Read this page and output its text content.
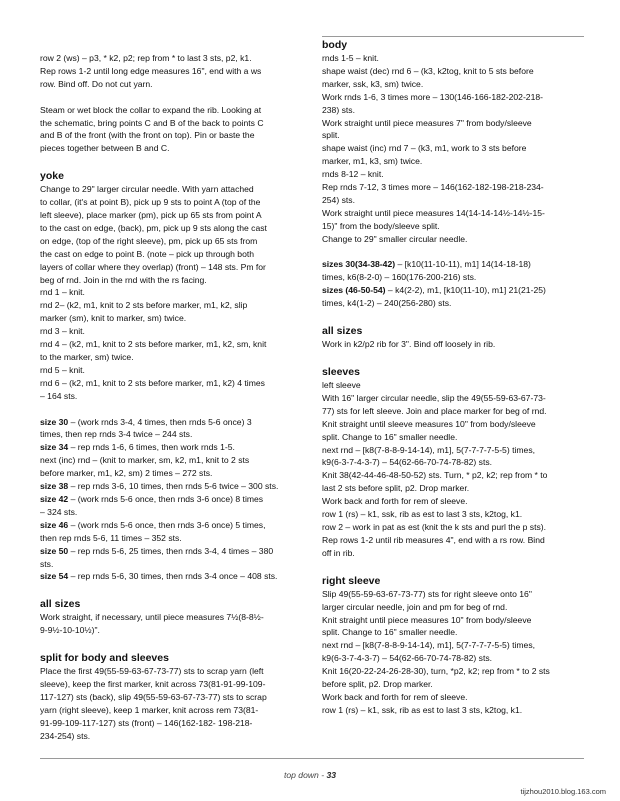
row 2 (ws) – p3, * k2, p2; rep from * to last 3 sts, p2, k1.

Rep rows 1-2 until long edge measures 16", end with a ws

row. Bind off. Do not cut yarn.

Steam or wet block the collar to expand the rib. Looking at

the schematic, bring points C and B of the back to points C

and B of the front (with the front on top). Pin or baste the

pieces together between B and C.

yoke

Change to 29" larger circular needle. With yarn attached

to collar, (it's at point B), pick up 9 sts to point A (top of the

left sleeve), place marker (pm), pick up 65 sts from point A

to the cast on edge, (back), pm, pick up 9 sts along the cast

on edge, (top of the right sleeve), pm, pick up 65 sts from

the cast on edge to point B. (note – pick up through both

layers of collar where they overlap) (front) – 148 sts. Pm for

beg of rnd. Join in the rnd with the rs facing.

rnd 1 – knit.

rnd 2– (k2, m1, knit to 2 sts before marker, m1, k2, slip

marker (sm), knit to marker, sm) twice.

rnd 3 – knit.

rnd 4 – (k2, m1, knit to 2 sts before marker, m1, k2, sm, knit

to the marker, sm) twice.

rnd 5 – knit.

rnd 6 – (k2, m1, knit to 2 sts before marker, m1, k2) 4 times

– 164 sts.

size 30 – (work rnds 3-4, 4 times, then rnds 5-6 once) 3

times, then rep rnds 3-4 twice – 244 sts.

size 34 – rep rnds 1-6, 6 times, then work rnds 1-5.

next (inc) rnd – (knit to marker, sm, k2, m1, knit to 2 sts

before marker, m1, k2, sm) 2 times – 272 sts.

size 38 – rep rnds 3-6, 10 times, then rnds 5-6 twice – 300 sts.

size 42 – (work rnds 5-6 once, then rnds 3-6 once) 8 times

– 324 sts.

size 46 – (work rnds 5-6 once, then rnds 3-6 once) 5 times,

then rep rnds 5-6, 11 times – 352 sts.

size 50 – rep rnds 5-6, 25 times, then rnds 3-4, 4 times – 380

sts.

size 54 – rep rnds 5-6, 30 times, then rnds 3-4 once – 408 sts.

all sizes

Work straight, if necessary, until piece measures 7½(8-8½-

9-9½-10-10½)".

split for body and sleeves

Place the first 49(55-59-63-67-73-77) sts to scrap yarn (left

sleeve), keep the first marker, knit across 73(81-91-99-109-

117-127) sts (back), slip 49(55-59-63-67-73-77) sts to scrap

yarn (right sleeve), keep 1 marker, knit across rem 73(81-

91-99-109-117-127) sts (front) – 146(162-182- 198-218-

234-254) sts.

body

rnds 1-5 – knit.

shape waist (dec) rnd 6 – (k3, k2tog, knit to 5 sts before

marker, ssk, k3, sm) twice.

Work rnds 1-6, 3 times more – 130(146-166-182-202-218-

238) sts.

Work straight until piece measures 7" from body/sleeve

split.

shape waist (inc) rnd 7 – (k3, m1, work to 3 sts before

marker, m1, k3, sm) twice.

rnds 8-12 – knit.

Rep rnds 7-12, 3 times more – 146(162-182-198-218-234-

254) sts.

Work straight until piece measures 14(14-14-14½-14½-15-

15)" from the body/sleeve split.

Change to 29" smaller circular needle.

sizes 30(34-38-42) – [k10(11-10-11), m1] 14(14-18-18)

times, k6(8-2-0) – 160(176-200-216) sts.

sizes (46-50-54) – k4(2-2), m1, [k10(11-10), m1] 21(21-25)

times, k4(1-2) – 240(256-280) sts.

all sizes

Work in k2/p2 rib for 3". Bind off loosely in rib.

sleeves

left sleeve

With 16" larger circular needle, slip the 49(55-59-63-67-73-

77) sts for left sleeve. Join and place marker for beg of rnd.

Knit straight until sleeve measures 10" from body/sleeve

split. Change to 16" smaller needle.

next rnd – [k8(7-8-8-9-14-14), m1], 5(7-7-7-7-5-5) times,

k9(6-3-7-4-3-7) – 54(62-66-70-74-78-82) sts.

Knit 38(42-44-46-48-50-52) sts. Turn, * p2, k2; rep from * to

last 2 sts before split, p2. Drop marker.

Work back and forth for rem of sleeve.

row 1 (rs) – k1, ssk, rib as est to last 3 sts, k2tog, k1.

row 2 – work in pat as est (knit the k sts and purl the p sts).

Rep rows 1-2 until rib measures 4", end with a rs row. Bind

off in rib.

right sleeve

Slip 49(55-59-63-67-73-77) sts for right sleeve onto 16"

larger circular needle, join and pm for beg of rnd.

Knit straight until piece measures 10" from body/sleeve

split. Change to 16" smaller needle.

next rnd – [k8(7-8-8-9-14-14), m1], 5(7-7-7-7-5-5) times,

k9(6-3-7-4-3-7) – 54(62-66-70-74-78-82) sts.

Knit 16(20-22-24-26-28-30), turn, *p2, k2; rep from * to 2 sts

before split, p2. Drop marker.

Work back and forth for rem of sleeve.

row 1 (rs) – k1, ssk, rib as est to last 3 sts, k2tog, k1.

top down - 33
tijzhou2010.blog.163.com
